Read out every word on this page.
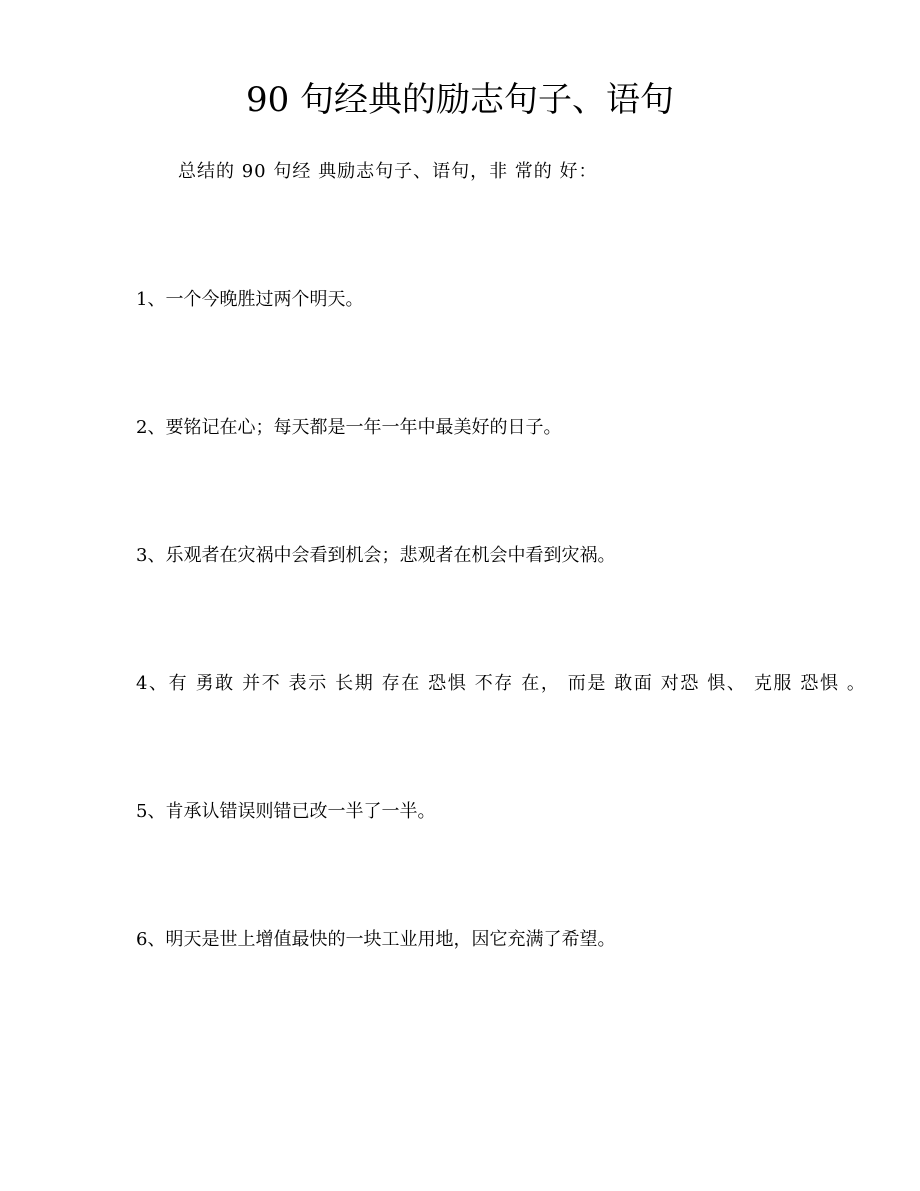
90 句经典的励志句子、语句

总结的 90 句经 典励志句子、语句，非 常的 好：

1、一个今晚胜过两个明天。
2、要铭记在心；每天都是一年一年中最美好的日子。
3、乐观者在灾祸中会看到机会；悲观者在机会中看到灾祸。
4、有 勇敢 并不 表示 长期 存在 恐惧 不存 在， 而是 敢面 对恐 惧、 克服 恐惧 。
5、肯承认错误则错已改一半了一半。
6、明天是世上增值最快的一块工业用地，因它充满了希望。
